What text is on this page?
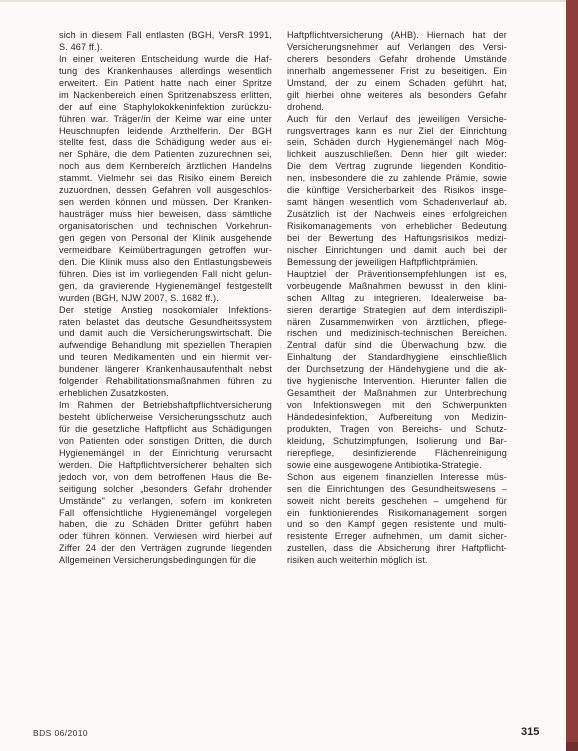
sich in diesem Fall entlasten (BGH, VersR 1991,
S. 467 ff.).
In einer weiteren Entscheidung wurde die Haf-
tung des Krankenhauses allerdings wesentlich
erweitert. Ein Patient hatte nach einer Spritze
im Nackenbereich einen Spritzenabszess erlitten,
der auf eine Staphylokokkeninfektion zurückzu-
führen war. Träger/in der Keime war eine unter
Heuschnupfen leidende Arzthelferin. Der BGH
stellte fest, dass die Schädigung weder aus ei-
ner Sphäre, die dem Patienten zuzurechnen sei,
noch aus dem Kernbereich ärztlichen Handelns
stammt. Vielmehr sei das Risiko einem Bereich
zuzuordnen, dessen Gefahren voll ausgeschlos-
sen werden können und müssen. Der Kranken-
hausträger muss hier beweisen, dass sämtliche
organisatorischen und technischen Vorkehrun-
gen gegen von Personal der Klinik ausgehende
vermeidbare Keimübertragungen getroffen wur-
den. Die Klinik muss also den Entlastungsbeweis
führen. Dies ist im vorliegenden Fall nicht gelun-
gen, da gravierende Hygienemängel festgestellt
wurden (BGH, NJW 2007, S. 1682 ff.).
Der stetige Anstieg nosokomialer Infektions-
raten belastet das deutsche Gesundheitssystem
und damit auch die Versicherungswirtschaft. Die
aufwendige Behandlung mit speziellen Therapien
und teuren Medikamenten und ein hiermit ver-
bundener längerer Krankenhausaufenthalt nebst
folgender Rehabilitationsmaßnahmen führen zu
erheblichen Zusatzkosten.
Im Rahmen der Betriebshaftpflichtversicherung
besteht üblicherweise Versicherungsschutz auch
für die gesetzliche Haftpflicht aus Schädigungen
von Patienten oder sonstigen Dritten, die durch
Hygienemängel in der Einrichtung verursacht
werden. Die Haftpflichtversicherer behalten sich
jedoch vor, von dem betroffenen Haus die Be-
seitigung solcher „besonders Gefahr drohender
Umstände" zu verlangen, sofern im konkreten
Fall offensichtliche Hygienemängel vorgelegen
haben, die zu Schäden Dritter geführt haben
oder führen können. Verwiesen wird hierbei auf
Ziffer 24 der den Verträgen zugrunde liegenden
Allgemeinen Versicherungsbedingungen für die
Haftpflichtversicherung (AHB). Hiernach hat der
Versicherungsnehmer auf Verlangen des Versi-
cherers besonders Gefahr drohende Umstände
innerhalb angemessener Frist zu beseitigen. Ein
Umstand, der zu einem Schaden geführt hat,
gilt hierbei ohne weiteres als besonders Gefahr
drohend.
Auch für den Verlauf des jeweiligen Versiche-
rungsvertrages kann es nur Ziel der Einrichtung
sein, Schäden durch Hygienemängel nach Mög-
lichkeit auszuschließen. Denn hier gilt wieder:
Die dem Vertrag zugrunde liegenden Konditio-
nen, insbesondere die zu zahlende Prämie, sowie
die künftige Versicherbarkeit des Risikos insge-
samt hängen wesentlich vom Schadenverlauf ab.
Zusätzlich ist der Nachweis eines erfolgreichen
Risikomanagements von erheblicher Bedeutung
bei der Bewertung des Haftungsrisikos medizi-
nischer Einrichtungen und damit auch bei der
Bemessung der jeweiligen Haftpflichtprämien.
Hauptziel der Präventionsempfehlungen ist es,
vorbeugende Maßnahmen bewusst in den klini-
schen Alltag zu integrieren. Idealerweise ba-
sieren derartige Strategien auf dem interdiszipli-
nären Zusammenwirken von ärztlichen, pflege-
rischen und medizinisch-technischen Bereichen.
Zentral dafür sind die Überwachung bzw. die
Einhaltung der Standardhygiene einschließlich
der Durchsetzung der Händehygiene und die ak-
tive hygienische Intervention. Hierunter fallen die
Gesamtheit der Maßnahmen zur Unterbrechung
von Infektionswegen mit den Schwerpunkten
Händedesinfektion, Aufbereitung von Medizin-
produkten, Tragen von Bereichs- und Schutz-
kleidung, Schutzimpfungen, Isolierung und Bar-
rierepflege, desinfizierende Flächenreinigung
sowie eine ausgewogene Antibiotika-Strategie.
Schon aus eigenem finanziellen Interesse müs-
sen die Einrichtungen des Gesundheitswesens –
soweit nicht bereits geschehen – umgehend für
ein funktionierendes Risikomanagement sorgen
und so den Kampf gegen resistente und multi-
resistente Erreger aufnehmen, um damit sicher-
zustellen, dass die Absicherung ihrer Haftpflicht-
risiken auch weiterhin möglich ist.
BDS 06/2010	315
